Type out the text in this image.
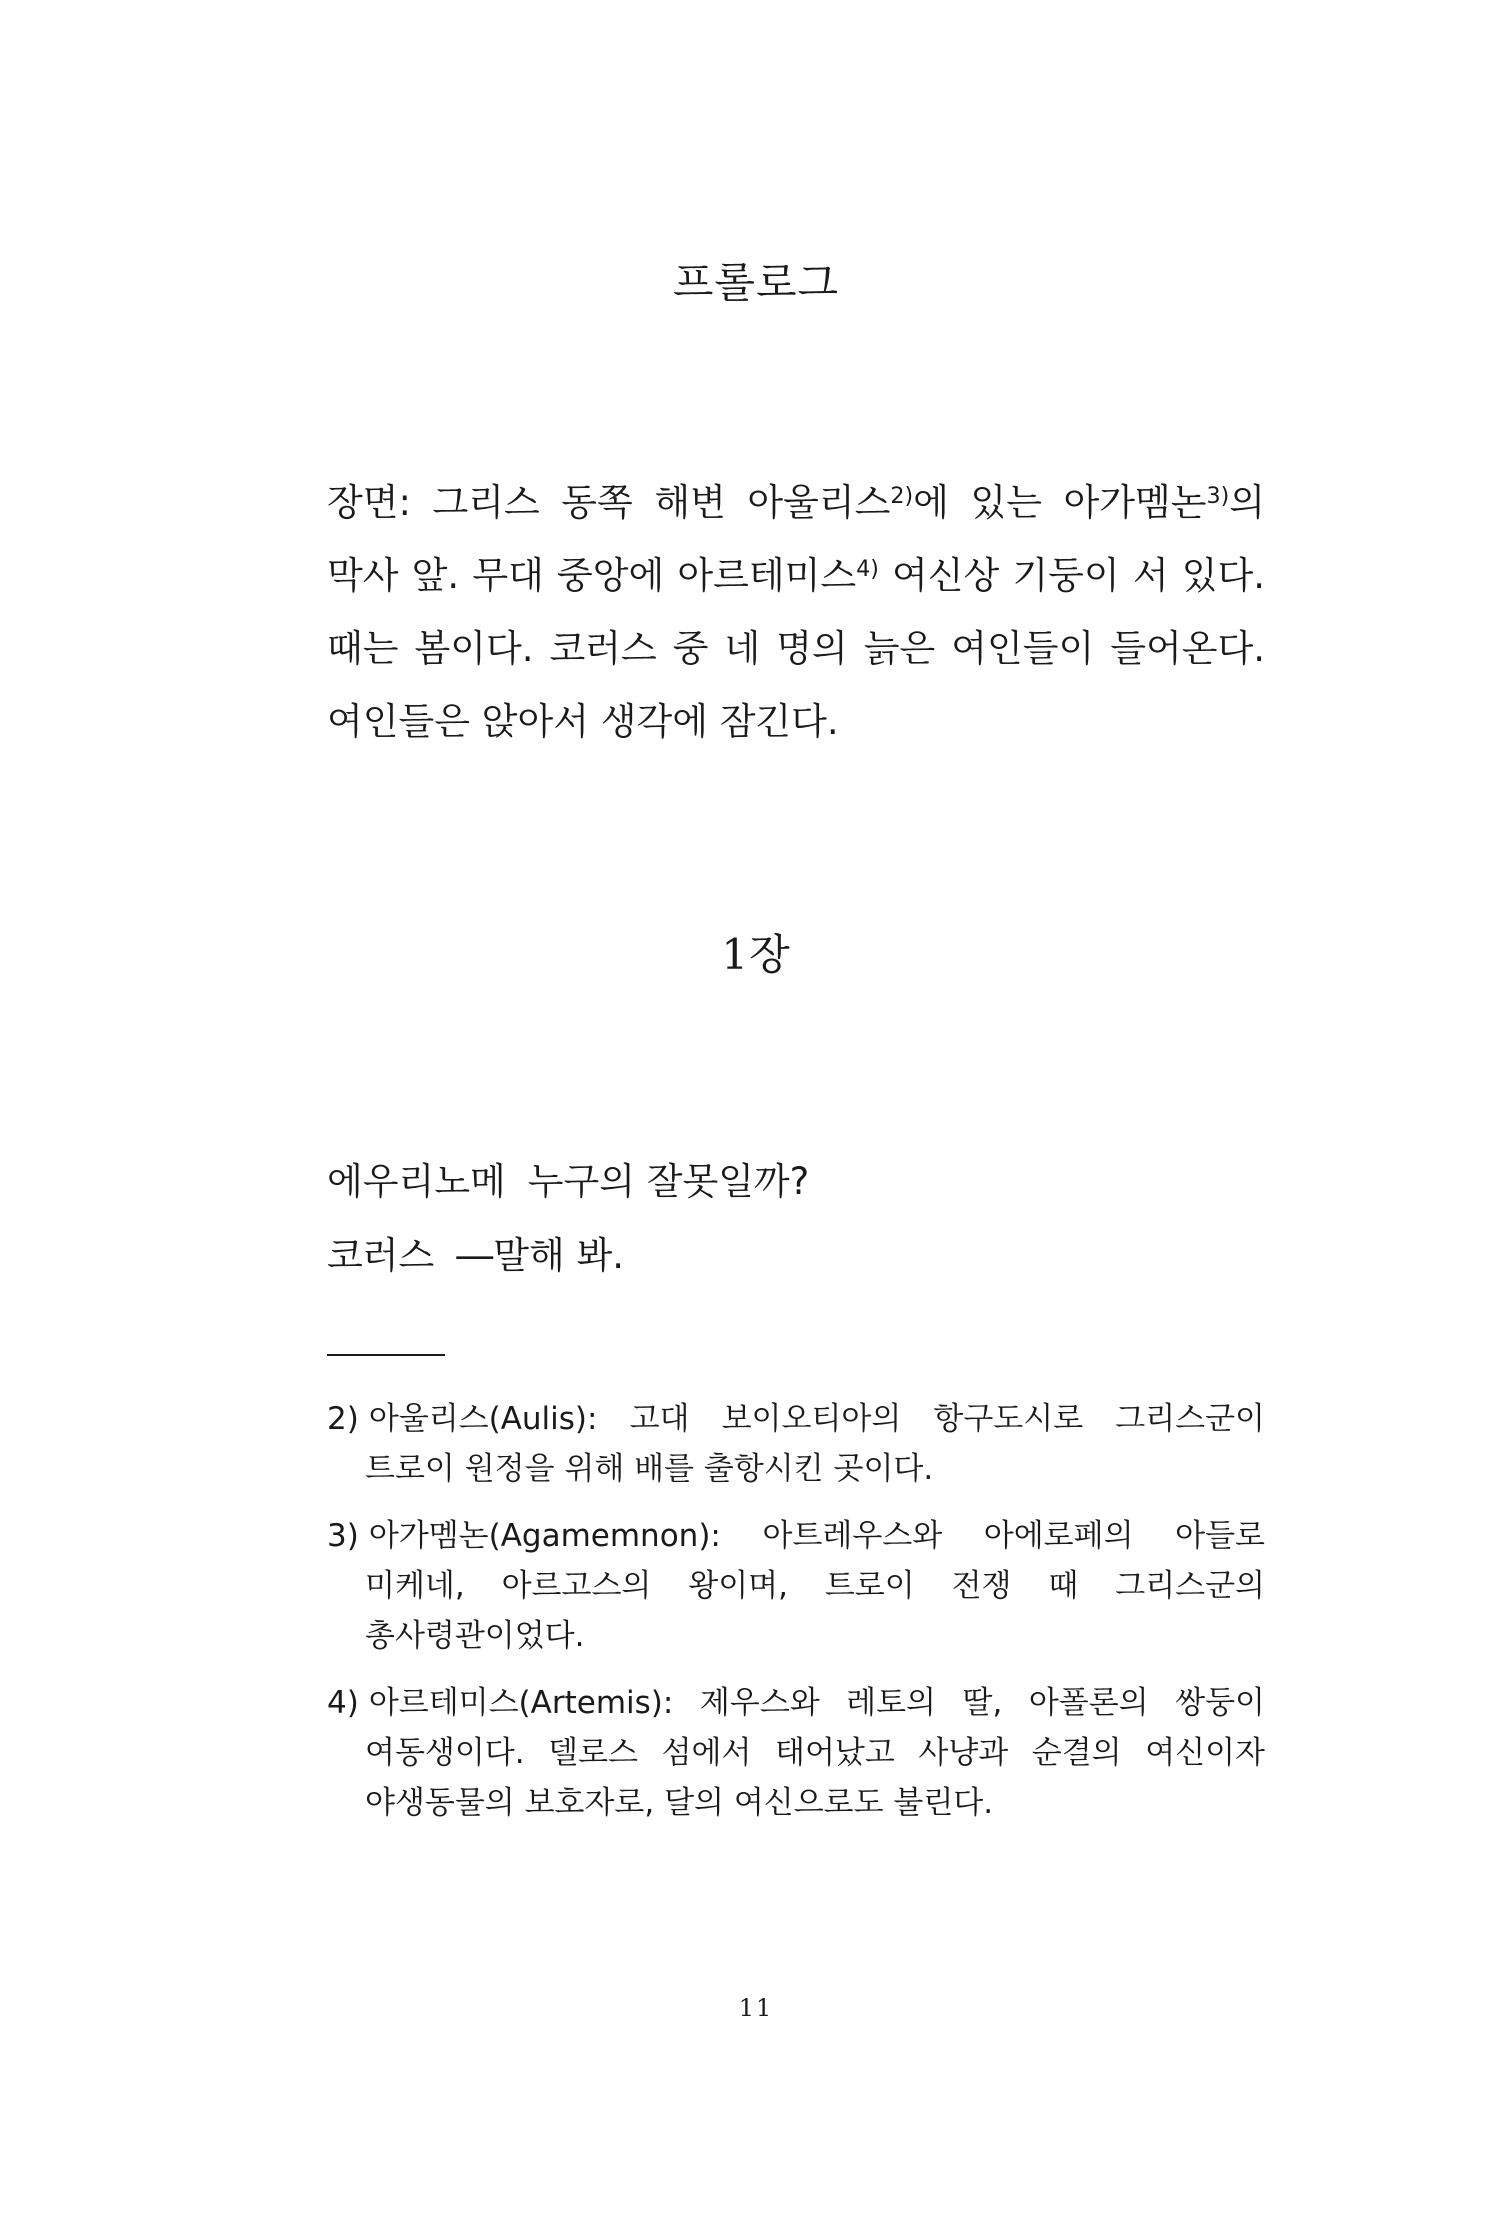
프롤로그

장면: 그리스 동쪽 해변 아울리스$^{2)}$에 있는 아가멤논$^{3)}$의 막사 앞. 무대 중앙에 아르테미스$^{4)}$ 여신상 기둥이 서 있다. 때는 봄이다. 코러스 중 네 명의 늙은 여인들이 들어온다. 여인들은 앉아서 생각에 잠긴다.

1장
에우리노메 누구의 잘못일까?
코러스 ―말해 봐.

2) 아울리스(Aulis): 고대 보이오티아의 항구도시로 그리스군이 트로이 원정을 위해 배를 출항시킨 곳이다.

3) 아가멤논(Agamemnon): 아트레우스와 아에로페의 아들로 미케네, 아르고스의 왕이며, 트로이 전쟁 때 그리스군의 총사령관이었다.

4) 아르테미스(Artemis): 제우스와 레토의 딸, 아폴론의 쌍둥이 여동생이다. 델로스 섬에서 태어났고 사냥과 순결의 여신이자 야생동물의 보호자로, 달의 여신으로도 불린다.

11
